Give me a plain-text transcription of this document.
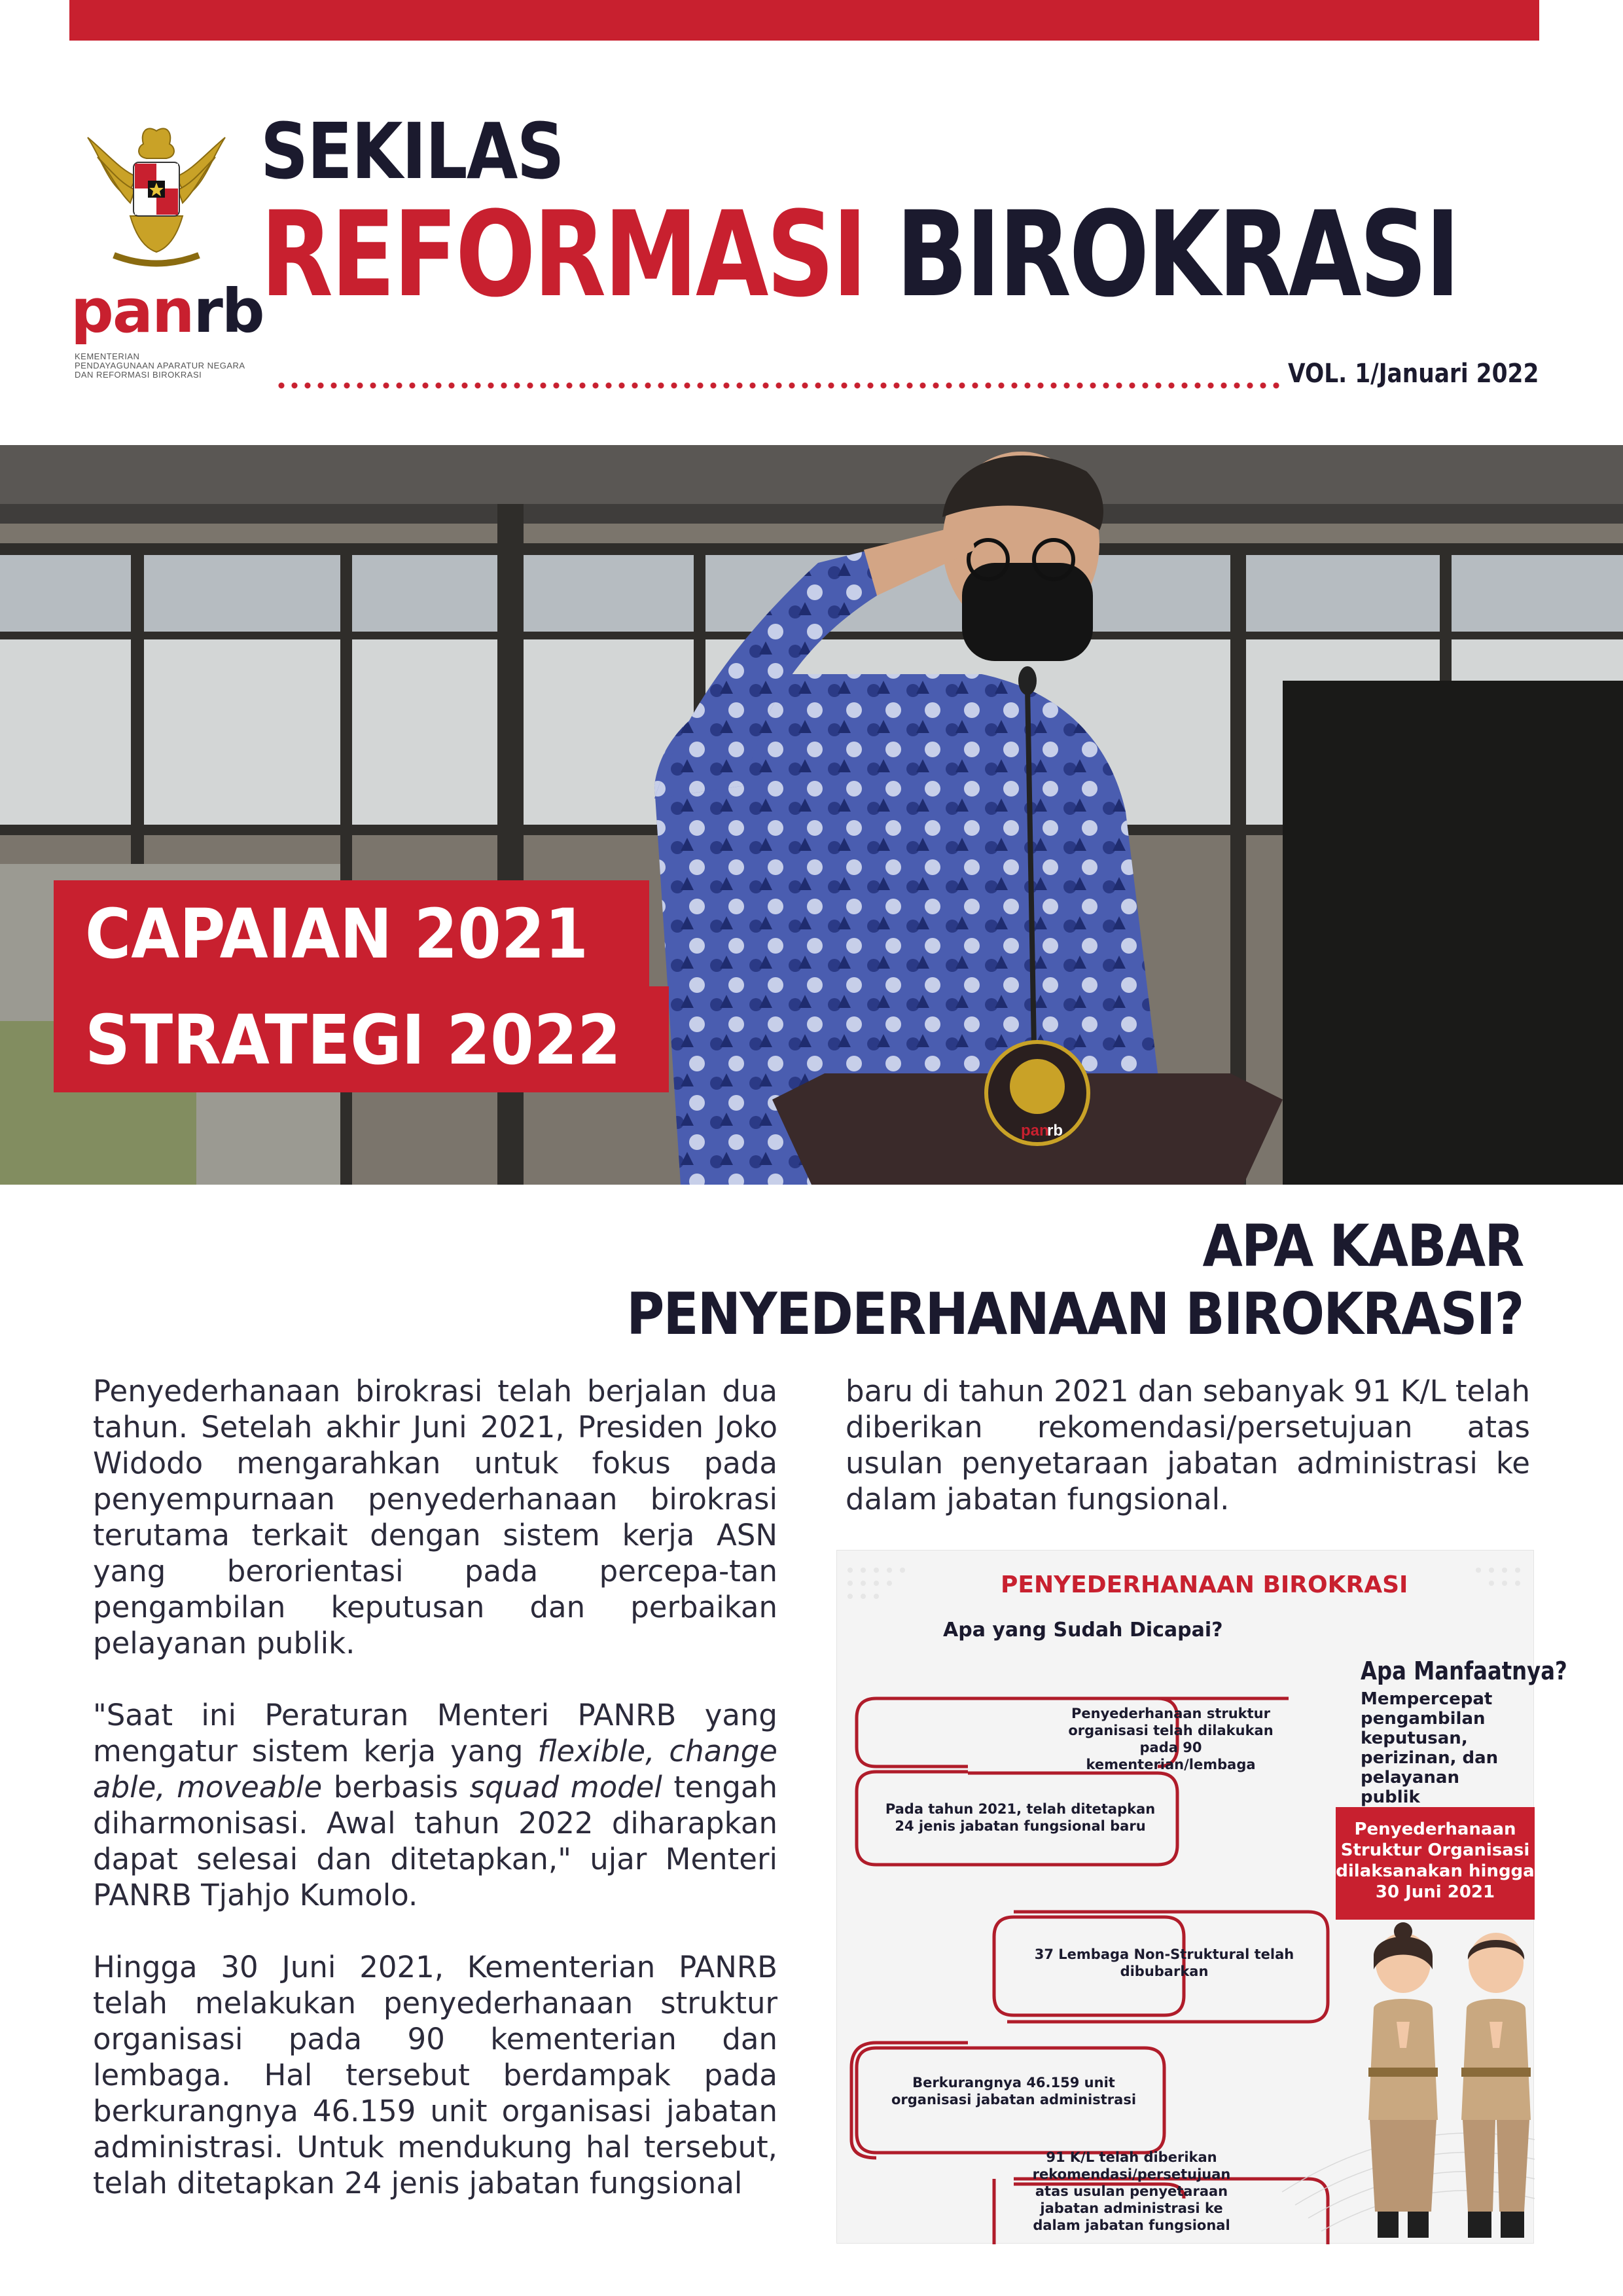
panrb
KEMENTERIAN
PENDAYAGUNAAN APARATUR NEGARA
DAN REFORMASI BIROKRASI
SEKILAS
REFORMASI BIROKRASI
VOL. 1/Januari 2022
pan
rb
CAPAIAN 2021
STRATEGI 2022
APA KABAR
PENYEDERHANAAN BIROKRASI?

Penyederhanaan birokrasi telah berjalan dua tahun. Setelah akhir Juni 2021, Presiden Joko Widodo mengarahkan untuk fokus pada penyempurnaan penyederhanaan birokrasi terutama terkait dengan sistem kerja ASN yang berorientasi pada percepa-tan pengambilan keputusan dan perbaikan pelayanan publik.

"Saat ini Peraturan Menteri PANRB yang mengatur sistem kerja yang flexible, change able, moveable berbasis squad model tengah diharmonisasi. Awal tahun 2022 diharapkan dapat selesai dan ditetapkan," ujar Menteri PANRB Tjahjo Kumolo.

Hingga 30 Juni 2021, Kementerian PANRB telah melakukan penyederhanaan struktur organisasi pada 90 kementerian dan lembaga. Hal tersebut berdampak pada berkurangnya 46.159 unit organisasi jabatan administrasi. Untuk mendukung hal tersebut, telah ditetapkan 24 jenis jabatan fungsional

baru di tahun 2021 dan sebanyak 91 K/L telah diberikan rekomendasi/persetujuan atas usulan penyetaraan jabatan administrasi ke dalam jabatan fungsional.

PENYEDERHANAAN BIROKRASI
Apa yang Sudah Dicapai?
Penyederhanaan struktur organisasi telah dilakukan pada 90 kementerian/lembaga
Pada tahun 2021, telah ditetapkan 24 jenis jabatan fungsional baru
37 Lembaga Non-Struktural telah dibubarkan
Berkurangnya 46.159 unit organisasi jabatan administrasi
91 K/L telah diberikan rekomendasi/persetujuan atas usulan penyetaraan jabatan administrasi ke dalam jabatan fungsional
Apa Manfaatnya?
Mempercepat pengambilan keputusan, perizinan, dan pelayanan publik
Penyederhanaan Struktur Organisasi dilaksanakan hingga 30 Juni 2021
